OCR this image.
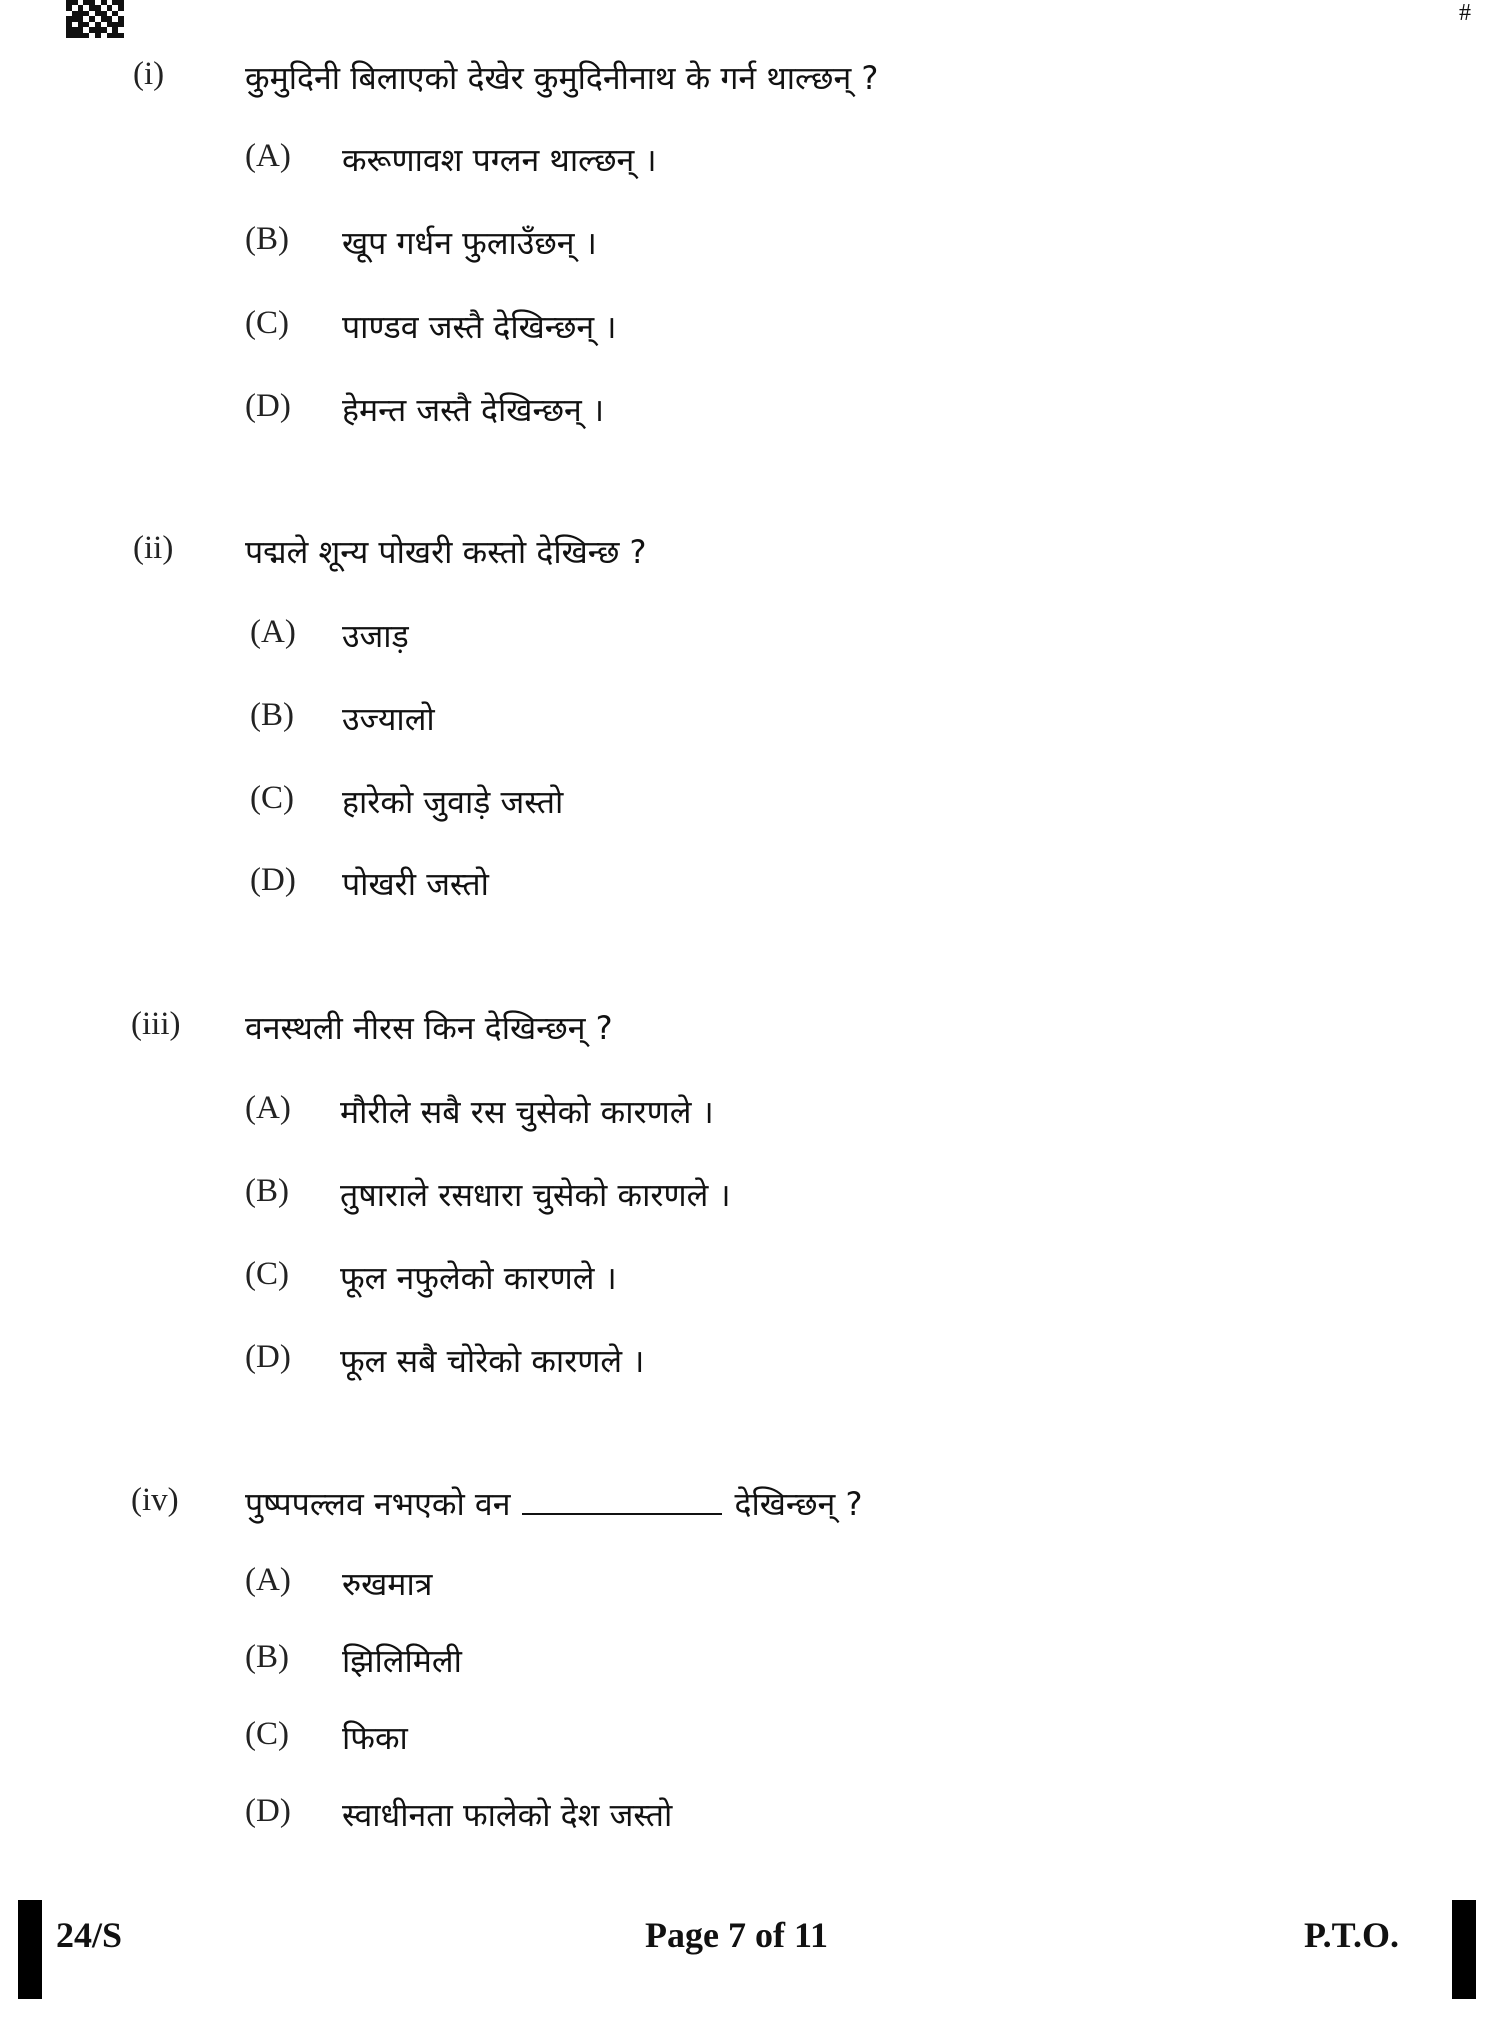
#
(i)	कुमुदिनी बिलाएको देखेर कुमुदिनीनाथ के गर्न थाल्छन् ?
(A) करूणावश पग्लन थाल्छन् ।
(B) खूप गर्धन फुलाउँछन् ।
(C) पाण्डव जस्तै देखिन्छन् ।
(D) हेमन्त जस्तै देखिन्छन् ।
(ii) पद्मले शून्य पोखरी कस्तो देखिन्छ ?
(A) उजाड़
(B) उज्यालो
(C) हारेको जुवाड़े जस्तो
(D) पोखरी जस्तो
(iii) वनस्थली नीरस किन देखिन्छन् ?
(A) मौरीले सबै रस चुसेको कारणले ।
(B) तुषाराले रसधारा चुसेको कारणले ।
(C) फूल नफुलेको कारणले ।
(D) फूल सबै चोरेको कारणले ।
(iv) पुष्पपल्लव नभएको वन	देखिन्छन् ?
(A) रुखमात्र
(B) झिलिमिली
(C) फिका
(D) स्वाधीनता फालेको देश जस्तो
24/S	Page 7 of 11	P.T.O.
